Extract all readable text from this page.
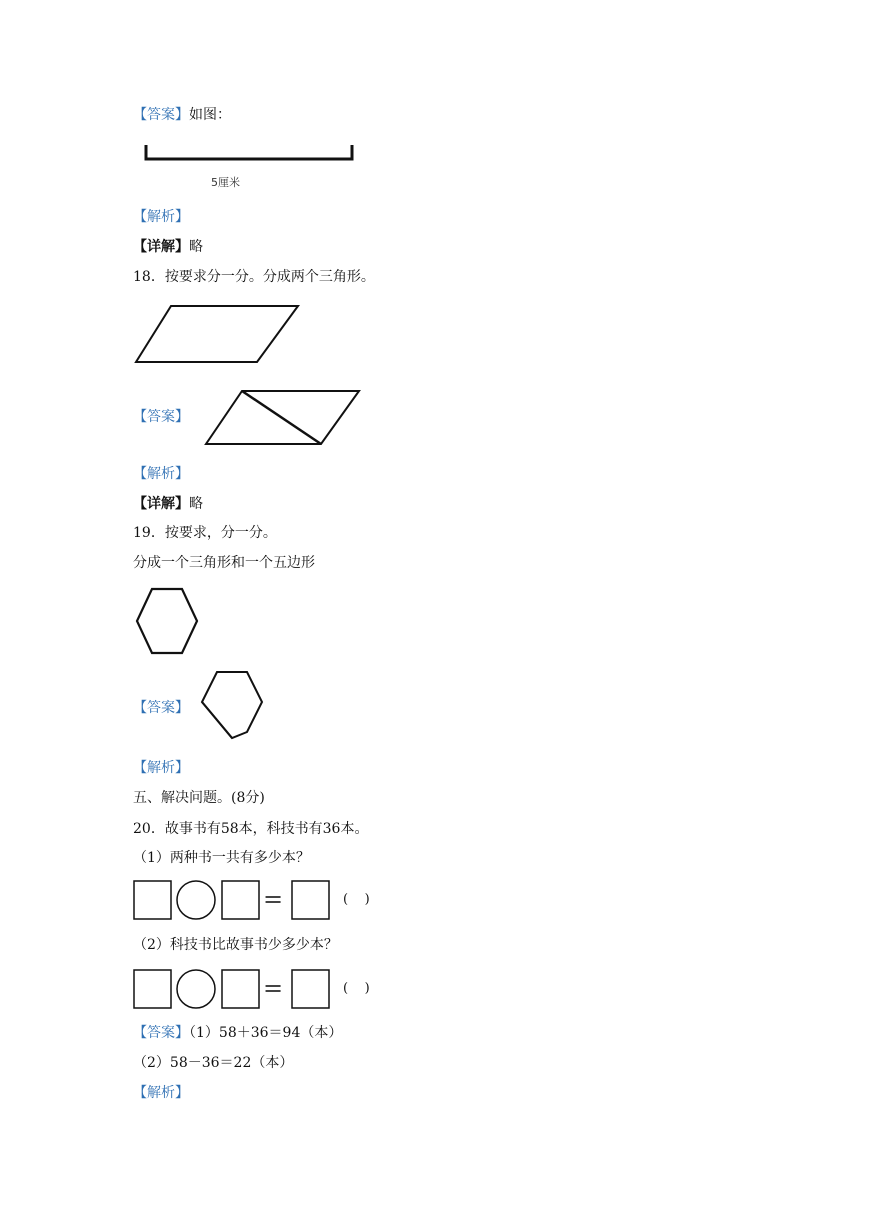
【答案】如图：
5厘米
【解析】
【详解】略
18．按要求分一分。分成两个三角形。
【答案】
【解析】
【详解】略
19．按要求，分一分。
分成一个三角形和一个五边形
【答案】
【解析】
五、解决问题。(8分)
20．故事书有58本，科技书有36本。
（1）两种书一共有多少本？
=	(    )
（2）科技书比故事书少多少本？
=	(    )
【答案】（1）58＋36＝94（本）
（2）58－36＝22（本）
【解析】
